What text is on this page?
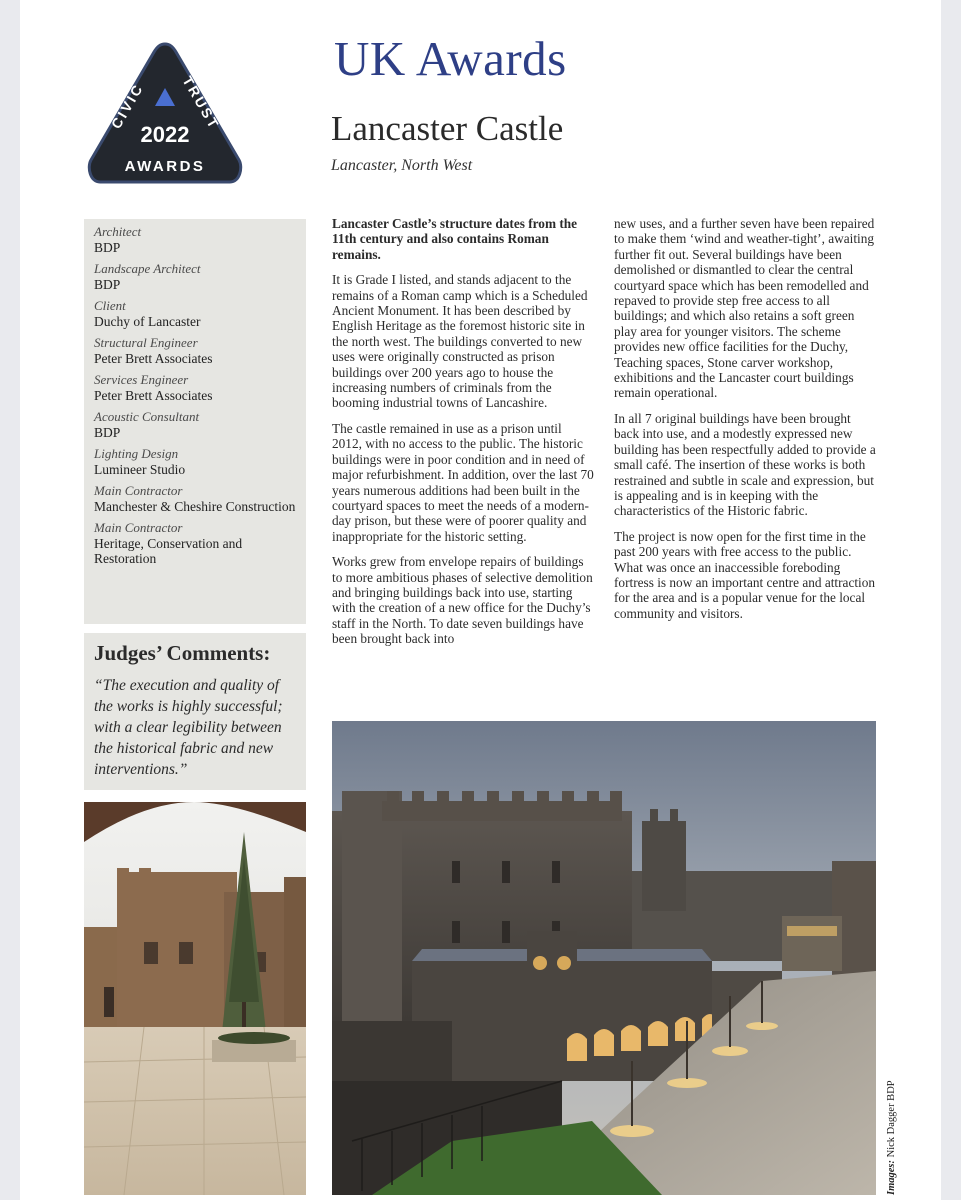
CIVIC TRUST
2022
AWARDS
UK Awards
Lancaster Castle
Lancaster, North West
Architect
BDP
Landscape Architect
BDP
Client
Duchy of Lancaster
Structural Engineer
Peter Brett Associates
Services Engineer
Peter Brett Associates
Acoustic Consultant
BDP
Lighting Design
Lumineer Studio
Main Contractor
Manchester & Cheshire Construction
Main Contractor
Heritage, Conservation and Restoration
Judges’ Comments:
“The execution and quality of the works is highly successful; with a clear legibility between the historical fabric and new interventions.”

Lancaster Castle’s structure dates from the 11th century and also contains Roman remains.

It is Grade I listed, and stands adjacent to the remains of a Roman camp which is a Scheduled Ancient Monument. It has been described by English Heritage as the foremost historic site in the north west. The buildings converted to new uses were originally constructed as prison buildings over 200 years ago to house the increasing numbers of criminals from the booming industrial towns of Lancashire.

The castle remained in use as a prison until 2012, with no access to the public. The historic buildings were in poor condition and in need of major refurbishment. In addition, over the last 70 years numerous additions had been built in the courtyard spaces to meet the needs of a modern-day prison, but these were of poorer quality and inappropriate for the historic setting.

Works grew from envelope repairs of buildings to more ambitious phases of selective demolition and bringing buildings back into use, starting with the creation of a new office for the Duchy’s staff in the North. To date seven buildings have been brought back into

new uses, and a further seven have been repaired to make them ‘wind and weather-tight’, awaiting further fit out. Several buildings have been demolished or dismantled to clear the central courtyard space which has been remodelled and repaved to provide step free access to all buildings; and which also retains a soft green play area for younger visitors. The scheme provides new office facilities for the Duchy, Teaching spaces, Stone carver workshop, exhibitions and the Lancaster court buildings remain operational.

In all 7 original buildings have been brought back into use, and a modestly expressed new building has been respectfully added to provide a small café. The insertion of these works is both restrained and subtle in scale and expression, but is appealing and is in keeping with the characteristics of the Historic fabric.

The project is now open for the first time in the past 200 years with free access to the public. What was once an inaccessible foreboding fortress is now an important centre and attraction for the area and is a popular venue for the local community and visitors.

Images: Nick Dagger BDP
